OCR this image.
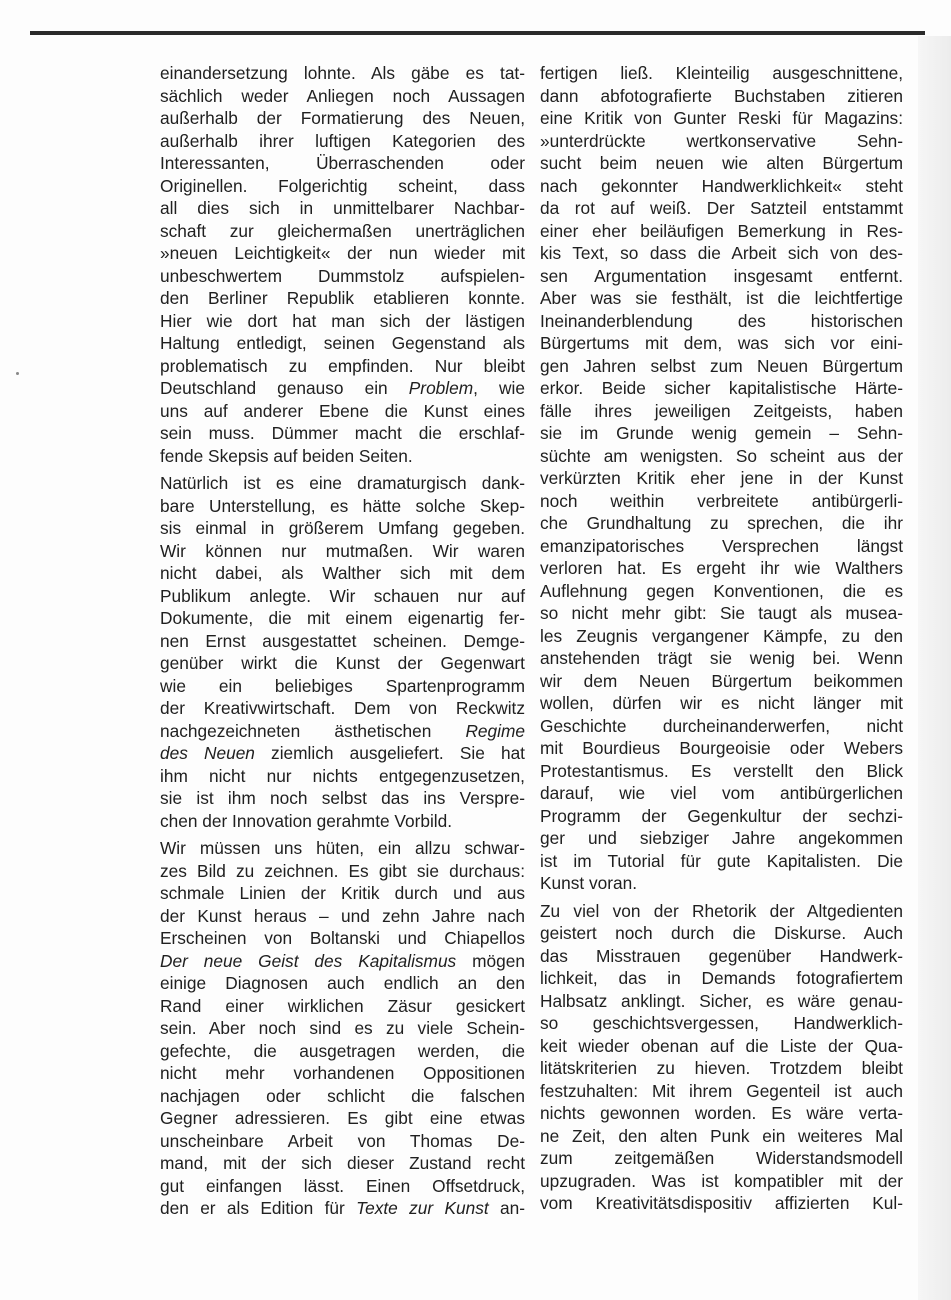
einandersetzung lohnte. Als gäbe es tat-
sächlich weder Anliegen noch Aussagen
außerhalb der Formatierung des Neuen,
außerhalb ihrer luftigen Kategorien des
Interessanten, Überraschenden oder
Originellen. Folgerichtig scheint, dass
all dies sich in unmittelbarer Nachbar-
schaft zur gleichermaßen unerträglichen
»neuen Leichtigkeit« der nun wieder mit
unbeschwertem Dummstolz aufspielen-
den Berliner Republik etablieren konnte.
Hier wie dort hat man sich der lästigen
Haltung entledigt, seinen Gegenstand als
problematisch zu empfinden. Nur bleibt
Deutschland genauso ein Problem, wie
uns auf anderer Ebene die Kunst eines
sein muss. Dümmer macht die erschlaf-
fende Skepsis auf beiden Seiten.
Natürlich ist es eine dramaturgisch dank-
bare Unterstellung, es hätte solche Skep-
sis einmal in größerem Umfang gegeben.
Wir können nur mutmaßen. Wir waren
nicht dabei, als Walther sich mit dem
Publikum anlegte. Wir schauen nur auf
Dokumente, die mit einem eigenartig fer-
nen Ernst ausgestattet scheinen. Demge-
genüber wirkt die Kunst der Gegenwart
wie ein beliebiges Spartenprogramm
der Kreativwirtschaft. Dem von Reckwitz
nachgezeichneten ästhetischen Regime
des Neuen ziemlich ausgeliefert. Sie hat
ihm nicht nur nichts entgegenzusetzen,
sie ist ihm noch selbst das ins Verspre-
chen der Innovation gerahmte Vorbild.
Wir müssen uns hüten, ein allzu schwar-
zes Bild zu zeichnen. Es gibt sie durchaus:
schmale Linien der Kritik durch und aus
der Kunst heraus – und zehn Jahre nach
Erscheinen von Boltanski und Chiapellos
Der neue Geist des Kapitalismus mögen
einige Diagnosen auch endlich an den
Rand einer wirklichen Zäsur gesickert
sein. Aber noch sind es zu viele Schein-
gefechte, die ausgetragen werden, die
nicht mehr vorhandenen Oppositionen
nachjagen oder schlicht die falschen
Gegner adressieren. Es gibt eine etwas
unscheinbare Arbeit von Thomas De-
mand, mit der sich dieser Zustand recht
gut einfangen lässt. Einen Offsetdruck,
den er als Edition für Texte zur Kunst an-
fertigen ließ. Kleinteilig ausgeschnittene,
dann abfotografierte Buchstaben zitieren
eine Kritik von Gunter Reski für Magazins:
»unterdrückte wertkonservative Sehn-
sucht beim neuen wie alten Bürgertum
nach gekonnter Handwerklichkeit« steht
da rot auf weiß. Der Satzteil entstammt
einer eher beiläufigen Bemerkung in Res-
kis Text, so dass die Arbeit sich von des-
sen Argumentation insgesamt entfernt.
Aber was sie festhält, ist die leichtfertige
Ineinanderblendung des historischen
Bürgertums mit dem, was sich vor eini-
gen Jahren selbst zum Neuen Bürgertum
erkor. Beide sicher kapitalistische Härte-
fälle ihres jeweiligen Zeitgeists, haben
sie im Grunde wenig gemein – Sehn-
süchte am wenigsten. So scheint aus der
verkürzten Kritik eher jene in der Kunst
noch weithin verbreitete antibürgerli-
che Grundhaltung zu sprechen, die ihr
emanzipatorisches Versprechen längst
verloren hat. Es ergeht ihr wie Walthers
Auflehnung gegen Konventionen, die es
so nicht mehr gibt: Sie taugt als musea-
les Zeugnis vergangener Kämpfe, zu den
anstehenden trägt sie wenig bei. Wenn
wir dem Neuen Bürgertum beikommen
wollen, dürfen wir es nicht länger mit
Geschichte durcheinanderwerfen, nicht
mit Bourdieus Bourgeoisie oder Webers
Protestantismus. Es verstellt den Blick
darauf, wie viel vom antibürgerlichen
Programm der Gegenkultur der sechzi-
ger und siebziger Jahre angekommen
ist im Tutorial für gute Kapitalisten. Die
Kunst voran.
Zu viel von der Rhetorik der Altgedienten
geistert noch durch die Diskurse. Auch
das Misstrauen gegenüber Handwerk-
lichkeit, das in Demands fotografiertem
Halbsatz anklingt. Sicher, es wäre genau-
so geschichtsvergessen, Handwerklich-
keit wieder obenan auf die Liste der Qua-
litätskriterien zu hieven. Trotzdem bleibt
festzuhalten: Mit ihrem Gegenteil ist auch
nichts gewonnen worden. Es wäre verta-
ne Zeit, den alten Punk ein weiteres Mal
zum zeitgemäßen Widerstandsmodell
upzugraden. Was ist kompatibler mit der
vom Kreativitätsdispositiv affizierten Kul-
